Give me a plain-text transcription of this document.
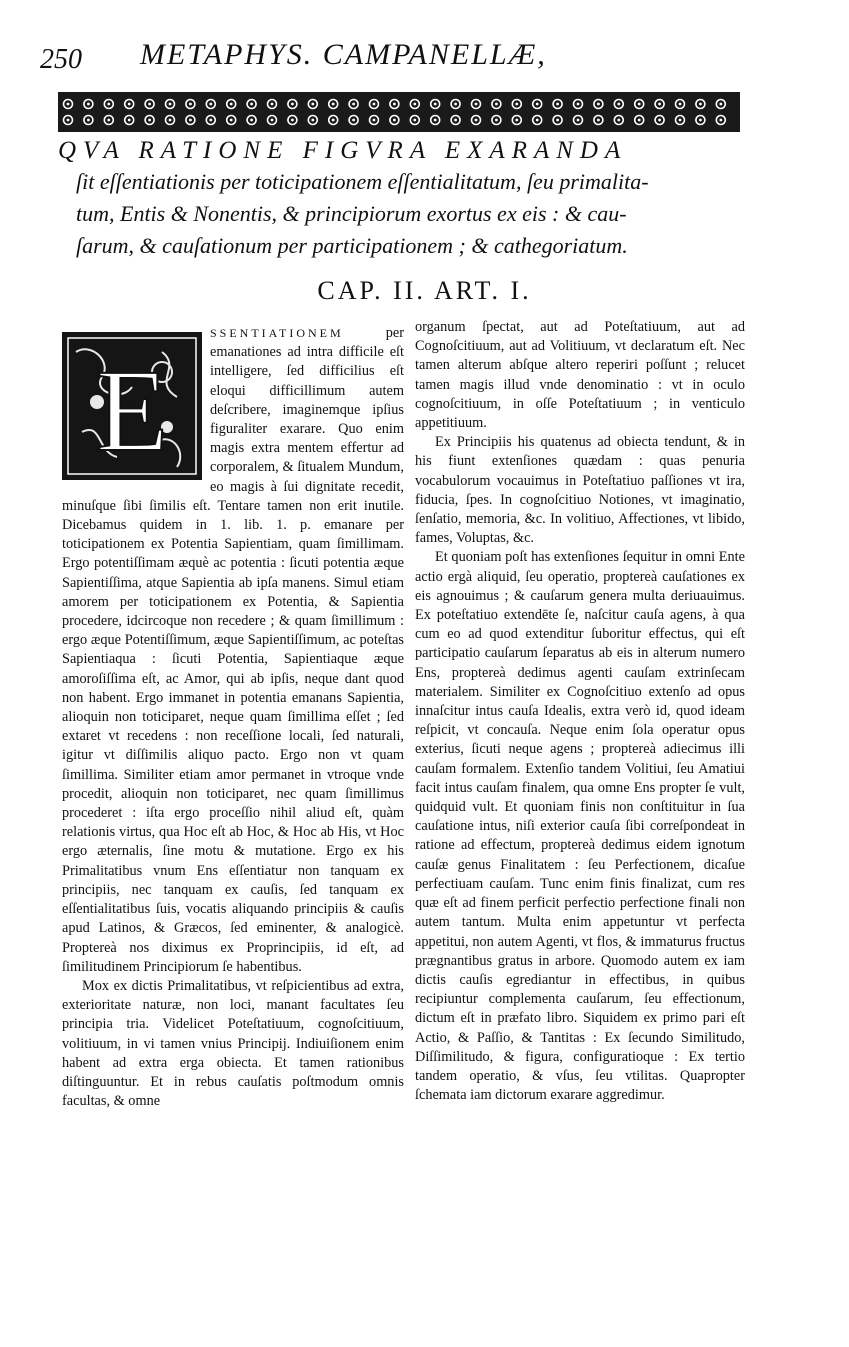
250 METAPHYS. CAMPANELLÆ,
QVA RATIONE FIGVRA EXARANDA
ſit eſſentiationis per toticipationem eſſentialitatum, ſeu primalita-
tum, Entis & Nonentis, & principiorum exortus ex eis : & cau-
ſarum, & cauſationum per participationem ; & cathegoriatum.
CAP. II. ART. I.
E

SSENTIATIONEM	per emanationes ad intra difficile eſt intelligere, ſed difficilius eſt eloqui difficillimum autem deſcribere, imaginemque ipſius figuraliter exarare. Quo enim magis extra mentem effertur ad corporalem, & ſitualem Mundum, eo magis à ſui dignitate recedit, minuſque ſibi ſimilis eſt. Tentare tamen non erit inutile. Dicebamus quidem in 1. lib. 1. p. emanare per toticipationem ex Potentia Sapientiam, quam ſimillimam. Ergo potentiſſimam æquè ac potentia : ſicuti potentia æque Sapientiſſima, atque Sapientia ab ipſa manens. Simul etiam amorem per toticipationem ex Potentia, & Sapientia procedere, idcircoque non recedere ; & quam ſimillimum : ergo æque Potentiſſimum, æque Sapientiſſimum, ac poteſtas Sapientiaqua : ſicuti Potentia, Sapientiaque æque amoroſiſſima eſt, ac Amor, qui ab ipſis, neque dant quod non habent. Ergo immanet in potentia emanans Sapientia, alioquin non toticiparet, neque quam ſimillima eſſet ; ſed extaret vt recedens : non receſſione locali, ſed naturali, igitur vt diſſimilis aliquo pacto. Ergo non vt quam ſimillima. Similiter etiam amor permanet in vtroque vnde procedit, alioquin non toticiparet, nec quam ſimillimus procederet : iſta ergo proceſſio nihil aliud eſt, quàm relationis virtus, qua Hoc eſt ab Hoc, & Hoc ab His, vt Hoc ergo æternalis, ſine motu & mutatione. Ergo ex his Primalitatibus vnum Ens eſſentiatur non tanquam ex principiis, nec tanquam ex cauſis, ſed tanquam ex eſſentialitatibus ſuis, vocatis aliquando principiis & cauſis apud Latinos, & Græcos, ſed eminenter, & analogicè. Proptereà nos diximus ex Proprincipiis, id eſt, ad ſimilitudinem Principiorum ſe habentibus.

Mox ex dictis Primalitatibus, vt reſpicientibus ad extra, exterioritate naturæ, non loci, manant facultates ſeu principia tria. Videlicet Poteſtatiuum, cognoſcitiuum, volitiuum, in vi tamen vnius Principij. Indiuiſionem enim habent ad extra erga obiecta. Et tamen rationibus diſtinguuntur. Et in rebus cauſatis poſtmodum omnis facultas, & omne

organum ſpectat, aut ad Poteſtatiuum, aut ad Cognoſcitiuum, aut ad Volitiuum, vt declaratum eſt. Nec tamen alterum abſque altero reperiri poſſunt ; relucet tamen magis illud vnde denominatio : vt in oculo cognoſcitiuum, in oſſe Poteſtatiuum ; in venticulo appetitiuum.

Ex Principiis his quatenus ad obiecta tendunt, & in his fiunt extenſiones quædam : quas penuria vocabulorum vocauimus in Poteſtatiuo paſſiones vt ira, fiducia, ſpes. In cognoſcitiuo Notiones, vt imaginatio, ſenſatio, memoria, &c. In volitiuo, Affectiones, vt libido, fames, Voluptas, &c.

Et quoniam poſt has extenſiones ſequitur in omni Ente actio ergà aliquid, ſeu operatio, proptereà cauſationes ex eis agnouimus ; & cauſarum genera multa deriuauimus. Ex poteſtatiuo extendēte ſe, naſcitur cauſa agens, à qua cum eo ad quod extenditur ſuboritur effectus, qui eſt participatio cauſarum ſeparatus ab eis in alterum numero Ens, proptereà dedimus agenti cauſam extrinſecam materialem. Similiter ex Cognoſcitiuo extenſo ad opus innaſcitur intus cauſa Idealis, extra verò id, quod ideam reſpicit, vt concauſa. Neque enim ſola operatur opus exterius, ſicuti neque agens ; proptereà adiecimus illi cauſam formalem. Extenſio tandem Volitiui, ſeu Amatiui facit intus cauſam finalem, qua omne Ens propter ſe vult, quidquid vult. Et quoniam finis non conſtituitur in ſua cauſatione intus, niſi exterior cauſa ſibi correſpondeat in ratione ad effectum, proptereà dedimus eidem ignotum cauſæ genus Finalitatem : ſeu Perfectionem, dicaſue perfectiuam cauſam. Tunc enim finis finalizat, cum res quæ eſt ad finem perficit perfectio perfectione finali non autem tantum. Multa enim appetuntur vt perfecta appetitui, non autem Agenti, vt flos, & immaturus fructus prægnantibus gratus in arbore. Quomodo autem ex iam dictis cauſis egrediantur in effectibus, in quibus recipiuntur complementa cauſarum, ſeu effectionum, dictum eſt in præfato libro. Siquidem ex primo pari eſt Actio, & Paſſio, & Tantitas : Ex ſecundo Similitudo, Diſſimilitudo, & figura, configuratioque : Ex tertio tandem operatio, & vſus, ſeu vtilitas. Quapropter ſchemata iam dictorum exarare aggredimur.
